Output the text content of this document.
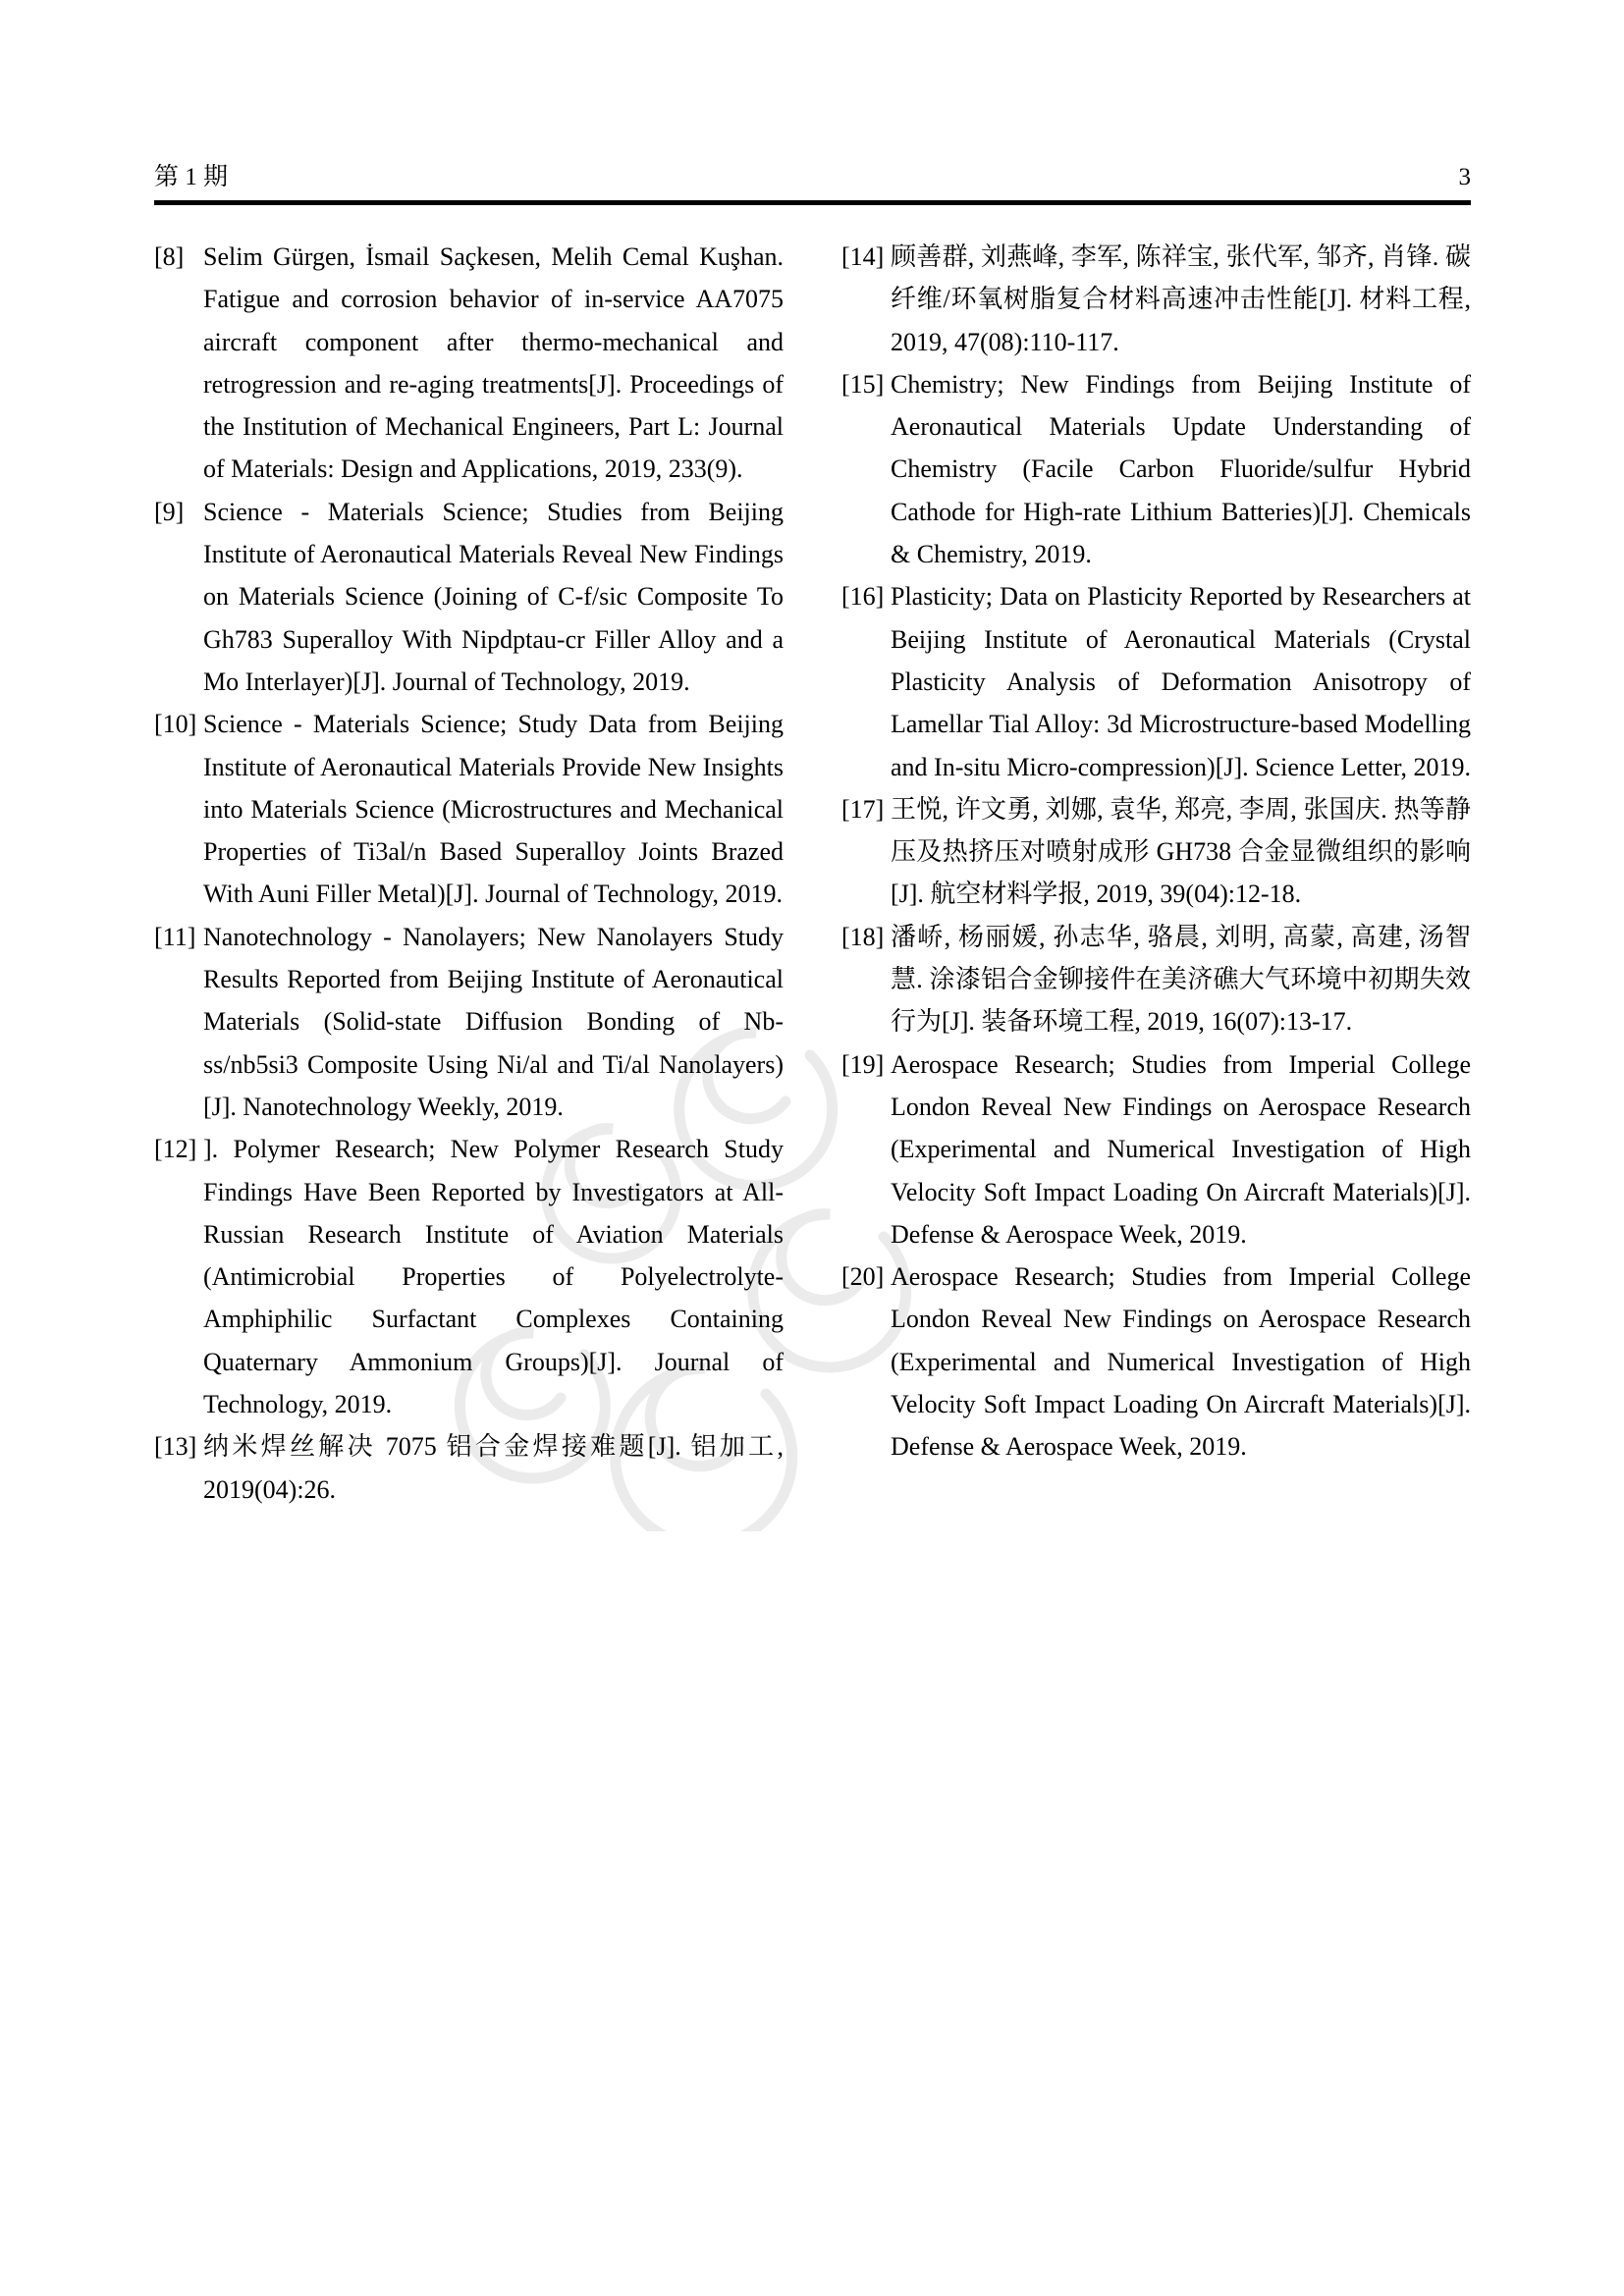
第 1 期	3
[8] Selim Gürgen, İsmail Saçkesen, Melih Cemal Kuşhan. Fatigue and corrosion behavior of in-service AA7075 aircraft component after thermo-mechanical and retrogression and re-aging treatments[J]. Proceedings of the Institution of Mechanical Engineers, Part L: Journal of Materials: Design and Applications, 2019, 233(9).
[9] Science - Materials Science; Studies from Beijing Institute of Aeronautical Materials Reveal New Findings on Materials Science (Joining of C-f/sic Composite To Gh783 Superalloy With Nipdptau-cr Filler Alloy and a Mo Interlayer)[J]. Journal of Technology, 2019.
[10] Science - Materials Science; Study Data from Beijing Institute of Aeronautical Materials Provide New Insights into Materials Science (Microstructures and Mechanical Properties of Ti3al/n Based Superalloy Joints Brazed With Auni Filler Metal)[J]. Journal of Technology, 2019.
[11] Nanotechnology - Nanolayers; New Nanolayers Study Results Reported from Beijing Institute of Aeronautical Materials (Solid-state Diffusion Bonding of Nb-ss/nb5si3 Composite Using Ni/al and Ti/al Nanolayers)[J]. Nanotechnology Weekly, 2019.
[12] ]. Polymer Research; New Polymer Research Study Findings Have Been Reported by Investigators at All-Russian Research Institute of Aviation Materials (Antimicrobial Properties of Polyelectrolyte-Amphiphilic Surfactant Complexes Containing Quaternary Ammonium Groups)[J]. Journal of Technology, 2019.
[13] 纳米焊丝解决 7075 铝合金焊接难题[J]. 铝加工, 2019(04):26.
[14] 顾善群, 刘燕峰, 李军, 陈祥宝, 张代军, 邹齐, 肖锋. 碳纤维/环氧树脂复合材料高速冲击性能[J]. 材料工程, 2019, 47(08):110-117.
[15] Chemistry; New Findings from Beijing Institute of Aeronautical Materials Update Understanding of Chemistry (Facile Carbon Fluoride/sulfur Hybrid Cathode for High-rate Lithium Batteries)[J]. Chemicals & Chemistry, 2019.
[16] Plasticity; Data on Plasticity Reported by Researchers at Beijing Institute of Aeronautical Materials (Crystal Plasticity Analysis of Deformation Anisotropy of Lamellar Tial Alloy: 3d Microstructure-based Modelling and In-situ Micro-compression)[J]. Science Letter, 2019.
[17] 王悦, 许文勇, 刘娜, 袁华, 郑亮, 李周, 张国庆. 热等静压及热挤压对喷射成形 GH738 合金显微组织的影响[J]. 航空材料学报, 2019, 39(04):12-18.
[18] 潘峤, 杨丽媛, 孙志华, 骆晨, 刘明, 高蒙, 高建, 汤智慧. 涂漆铝合金铆接件在美济礁大气环境中初期失效行为[J]. 装备环境工程, 2019, 16(07):13-17.
[19] Aerospace Research; Studies from Imperial College London Reveal New Findings on Aerospace Research (Experimental and Numerical Investigation of High Velocity Soft Impact Loading On Aircraft Materials)[J]. Defense & Aerospace Week, 2019.
[20] Aerospace Research; Studies from Imperial College London Reveal New Findings on Aerospace Research (Experimental and Numerical Investigation of High Velocity Soft Impact Loading On Aircraft Materials)[J]. Defense & Aerospace Week, 2019.
